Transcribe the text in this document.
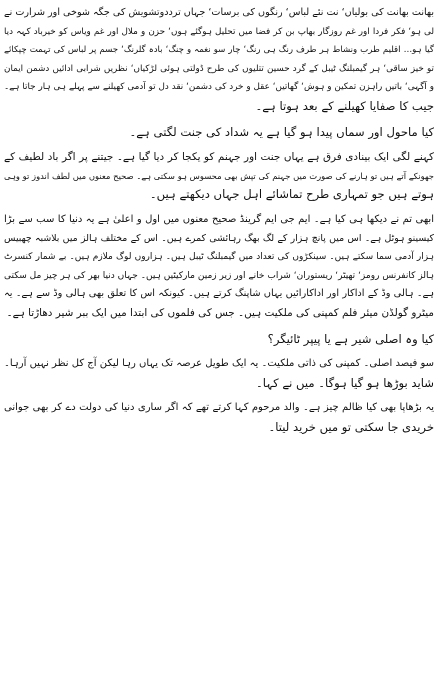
بھانت بھانت کی بولیاں‘ نت نئے لباس‘ رنگوں کی برسات‘ جہاں ترددوتشویش کی جگہ شوخی اور شرارت نے
لی ہو‘ فکر فردا اور غم روزگار بھاپ بن کر فضا میں تحلیل ہوگئے ہوں‘ حزن و ملال اور غم ویاس کو خیرباد کہہ دیا
گیا ہو… اقلیم طرب ونشاط ہر طرف رنگ ہی رنگ‘ چار سو نغمہ و چنگ‘ بادہ گلرنگ‘ جسم پر لباس کی تہمت چپکائے
تو خیز ساقی‘ ہر گیمبلنگ ٹیبل کے گرد حسین تتلیوں کی طرح ڈولتی ہوئی لڑکیاں‘ نظریں شرابی ادائیں دشمن ایمان
و آگہی‘ باتیں راہزن تمکین و ہوش‘ گھاتیں‘ عقل و خرد کی دشمن‘ نقد دل تو آدمی کھیلنے سے پہلے ہی ہار جاتا ہے۔
جیب کا صفایا کھیلنے کے بعد ہوتا ہے۔
کیا ماحول اور سماں پیدا ہو گیا ہے یہ شداد کی جنت لگتی ہے۔
کہنے لگی ایک بینادی فرق ہے یہاں جنت اور جہنم کو یکجا کر دیا گیا ہے۔ جیتنے پر اگر باد لطیف کے
جھونکے آتے ہیں تو ہارنے کی صورت میں جہنم کی تپش بھی محسوس ہو سکتی ہے۔ صحیح معنوں میں لطف اندوز تو وہی
ہوتے ہیں جو تمہاری طرح تماشائے اہل جہاں دیکھتے ہیں۔
ابھی تم نے دیکھا ہی کیا ہے۔ ایم جی ایم گرینڈ صحیح معنوں میں اول و اعلیٰ ہے یہ دنیا کا سب سے بڑا
کیسینو ہوٹل ہے۔ اس میں پانچ ہزار کے لگ بھگ رہائشی کمرے ہیں۔ اس کے مختلف ہالز میں بلاشبہ چھبیس
ہزار آدمی سما سکتے ہیں۔ سینکڑوں کی تعداد میں گیمبلنگ ٹیبل ہیں۔ ہزاروں لوگ ملازم ہیں۔ بے شمار کنسرٹ
ہالز کانفرنس رومز‘ تھیٹر‘ ریستوران‘ شراب خانے اور زیر زمین مارکیٹیں ہیں۔ جہاں دنیا بھر کی ہر چیز مل سکتی
ہے۔ ہالی وڈ کے اداکار اور اداکارائیں یہاں شاپنگ کرتے ہیں۔ کیونکہ اس کا تعلق بھی ہالی وڈ سے ہے۔ یہ
میٹرو گولڈن میئر فلم کمپنی کی ملکیت ہیں۔ جس کی فلموں کی ابتدا میں ایک ببر شیر دھاڑتا ہے۔
کیا وہ اصلی شیر ہے یا پیپر ٹائیگر؟
سو فیصد اصلی۔ کمپنی کی ذاتی ملکیت۔ یہ ایک طویل عرصہ تک یہاں رہا لیکن آج کل نظر نہیں آرہا۔
شاید بوڑھا ہو گیا ہوگا۔ میں نے کہا۔
یہ بڑھاپا بھی کیا ظالم چیز ہے۔ والد مرحوم کہا کرتے تھے کہ اگر ساری دنیا کی دولت دے کر بھی جوانی
خریدی جا سکتی تو میں خرید لیتا۔
